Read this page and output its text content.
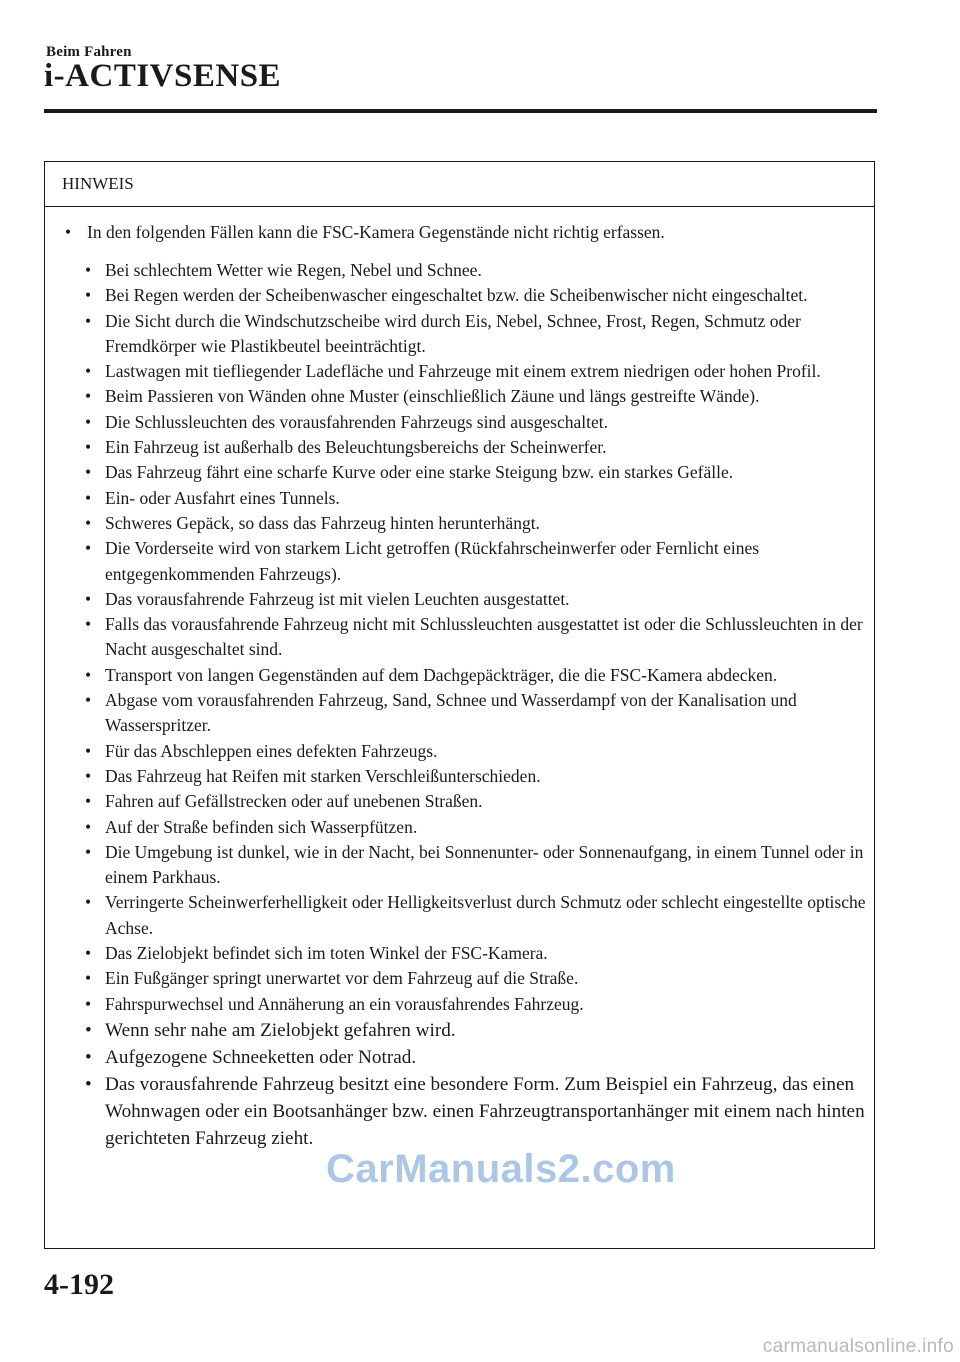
Beim Fahren
i-ACTIVSENSE
HINWEIS
• In den folgenden Fällen kann die FSC-Kamera Gegenstände nicht richtig erfassen.
• Bei schlechtem Wetter wie Regen, Nebel und Schnee.
• Bei Regen werden der Scheibenwascher eingeschaltet bzw. die Scheibenwischer nicht eingeschaltet.
• Die Sicht durch die Windschutzscheibe wird durch Eis, Nebel, Schnee, Frost, Regen, Schmutz oder Fremdkörper wie Plastikbeutel beeinträchtigt.
• Lastwagen mit tiefliegender Ladefläche und Fahrzeuge mit einem extrem niedrigen oder hohen Profil.
• Beim Passieren von Wänden ohne Muster (einschließlich Zäune und längs gestreifte Wände).
• Die Schlussleuchten des vorausfahrenden Fahrzeugs sind ausgeschaltet.
• Ein Fahrzeug ist außerhalb des Beleuchtungsbereichs der Scheinwerfer.
• Das Fahrzeug fährt eine scharfe Kurve oder eine starke Steigung bzw. ein starkes Gefälle.
• Ein- oder Ausfahrt eines Tunnels.
• Schweres Gepäck, so dass das Fahrzeug hinten herunterhängt.
• Die Vorderseite wird von starkem Licht getroffen (Rückfahrscheinwerfer oder Fernlicht eines entgegenkommenden Fahrzeugs).
• Das vorausfahrende Fahrzeug ist mit vielen Leuchten ausgestattet.
• Falls das vorausfahrende Fahrzeug nicht mit Schlussleuchten ausgestattet ist oder die Schlussleuchten in der Nacht ausgeschaltet sind.
• Transport von langen Gegenständen auf dem Dachgepäckträger, die die FSC-Kamera abdecken.
• Abgase vom vorausfahrenden Fahrzeug, Sand, Schnee und Wasserdampf von der Kanalisation und Wasserspritzer.
• Für das Abschleppen eines defekten Fahrzeugs.
• Das Fahrzeug hat Reifen mit starken Verschleißunterschieden.
• Fahren auf Gefällstrecken oder auf unebenen Straßen.
• Auf der Straße befinden sich Wasserpfützen.
• Die Umgebung ist dunkel, wie in der Nacht, bei Sonnenunter- oder Sonnenaufgang, in einem Tunnel oder in einem Parkhaus.
• Verringerte Scheinwerferhelligkeit oder Helligkeitsverlust durch Schmutz oder schlecht eingestellte optische Achse.
• Das Zielobjekt befindet sich im toten Winkel der FSC-Kamera.
• Ein Fußgänger springt unerwartet vor dem Fahrzeug auf die Straße.
• Fahrspurwechsel und Annäherung an ein vorausfahrendes Fahrzeug.
• Wenn sehr nahe am Zielobjekt gefahren wird.
• Aufgezogene Schneeketten oder Notrad.
• Das vorausfahrende Fahrzeug besitzt eine besondere Form. Zum Beispiel ein Fahrzeug, das einen Wohnwagen oder ein Bootsanhänger bzw. einen Fahrzeugtransportanhänger mit einem nach hinten gerichteten Fahrzeug zieht.
4-192
CarManuals2.com
carmanualsonline.info
